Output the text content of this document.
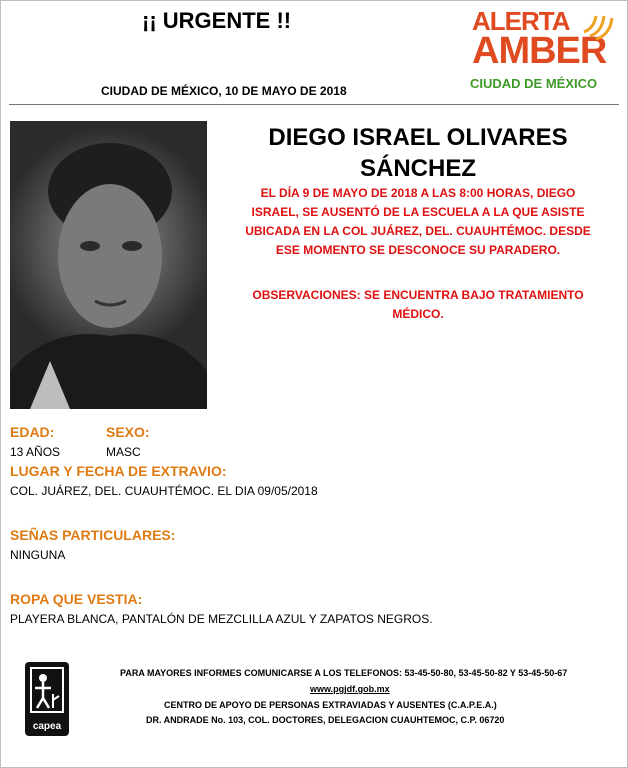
¡¡ URGENTE !!	ALERTA
AMBER
CIUDAD DE MÉXICO
CIUDAD DE MÉXICO, 10 DE MAYO DE 2018
DIEGO ISRAEL OLIVARES
SÁNCHEZ
EL DÍA 9 DE MAYO DE 2018 A LAS 8:00 HORAS, DIEGO
ISRAEL, SE AUSENTÓ DE LA ESCUELA A LA QUE ASISTE
UBICADA EN LA COL JUÁREZ, DEL. CUAUHTÉMOC. DESDE
ESE MOMENTO SE DESCONOCE SU PARADERO.
OBSERVACIONES: SE ENCUENTRA BAJO TRATAMIENTO
MÉDICO.
EDAD:
13 AÑOS
SEXO:
MASC
LUGAR Y FECHA DE EXTRAVIO:
COL. JUÁREZ, DEL. CUAUHTÉMOC. EL DIA 09/05/2018
SEÑAS PARTICULARES:
NINGUNA
ROPA QUE VESTIA:
PLAYERA BLANCA, PANTALÓN DE MEZCLILLA AZUL Y ZAPATOS NEGROS.
capea
PARA MAYORES INFORMES COMUNICARSE A LOS TELEFONOS: 53-45-50-80, 53-45-50-82 Y 53-45-50-67
www.pgjdf.gob.mx
CENTRO DE APOYO DE PERSONAS EXTRAVIADAS Y AUSENTES (C.A.P.E.A.)
DR. ANDRADE No. 103, COL. DOCTORES, DELEGACION CUAUHTEMOC, C.P. 06720
